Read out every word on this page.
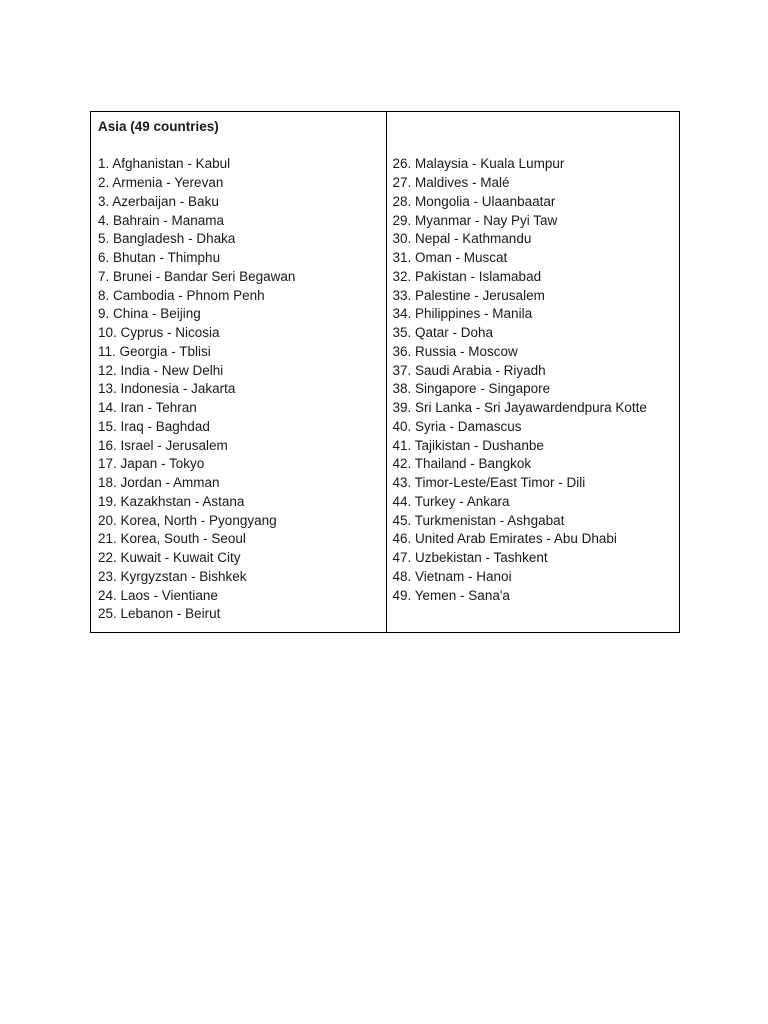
Asia (49 countries)
1. Afghanistan - Kabul
2. Armenia - Yerevan
3. Azerbaijan - Baku
4. Bahrain - Manama
5. Bangladesh - Dhaka
6. Bhutan - Thimphu
7. Brunei - Bandar Seri Begawan
8. Cambodia - Phnom Penh
9. China - Beijing
10. Cyprus - Nicosia
11. Georgia - Tblisi
12. India - New Delhi
13. Indonesia - Jakarta
14. Iran - Tehran
15. Iraq - Baghdad
16. Israel - Jerusalem
17. Japan - Tokyo
18. Jordan - Amman
19. Kazakhstan - Astana
20. Korea, North - Pyongyang
21. Korea, South - Seoul
22. Kuwait - Kuwait City
23. Kyrgyzstan - Bishkek
24. Laos - Vientiane
25. Lebanon - Beirut

26. Malaysia - Kuala Lumpur
27. Maldives - Malé
28. Mongolia - Ulaanbaatar
29. Myanmar - Nay Pyi Taw
30. Nepal - Kathmandu
31. Oman - Muscat
32. Pakistan - Islamabad
33. Palestine - Jerusalem
34. Philippines - Manila
35. Qatar - Doha
36. Russia - Moscow
37. Saudi Arabia - Riyadh
38. Singapore - Singapore
39. Sri Lanka - Sri Jayawardendpura Kotte
40. Syria - Damascus
41. Tajikistan - Dushanbe
42. Thailand - Bangkok
43. Timor-Leste/East Timor - Dili
44. Turkey - Ankara
45. Turkmenistan - Ashgabat
46. United Arab Emirates - Abu Dhabi
47. Uzbekistan - Tashkent
48. Vietnam - Hanoi
49. Yemen - Sana'a
